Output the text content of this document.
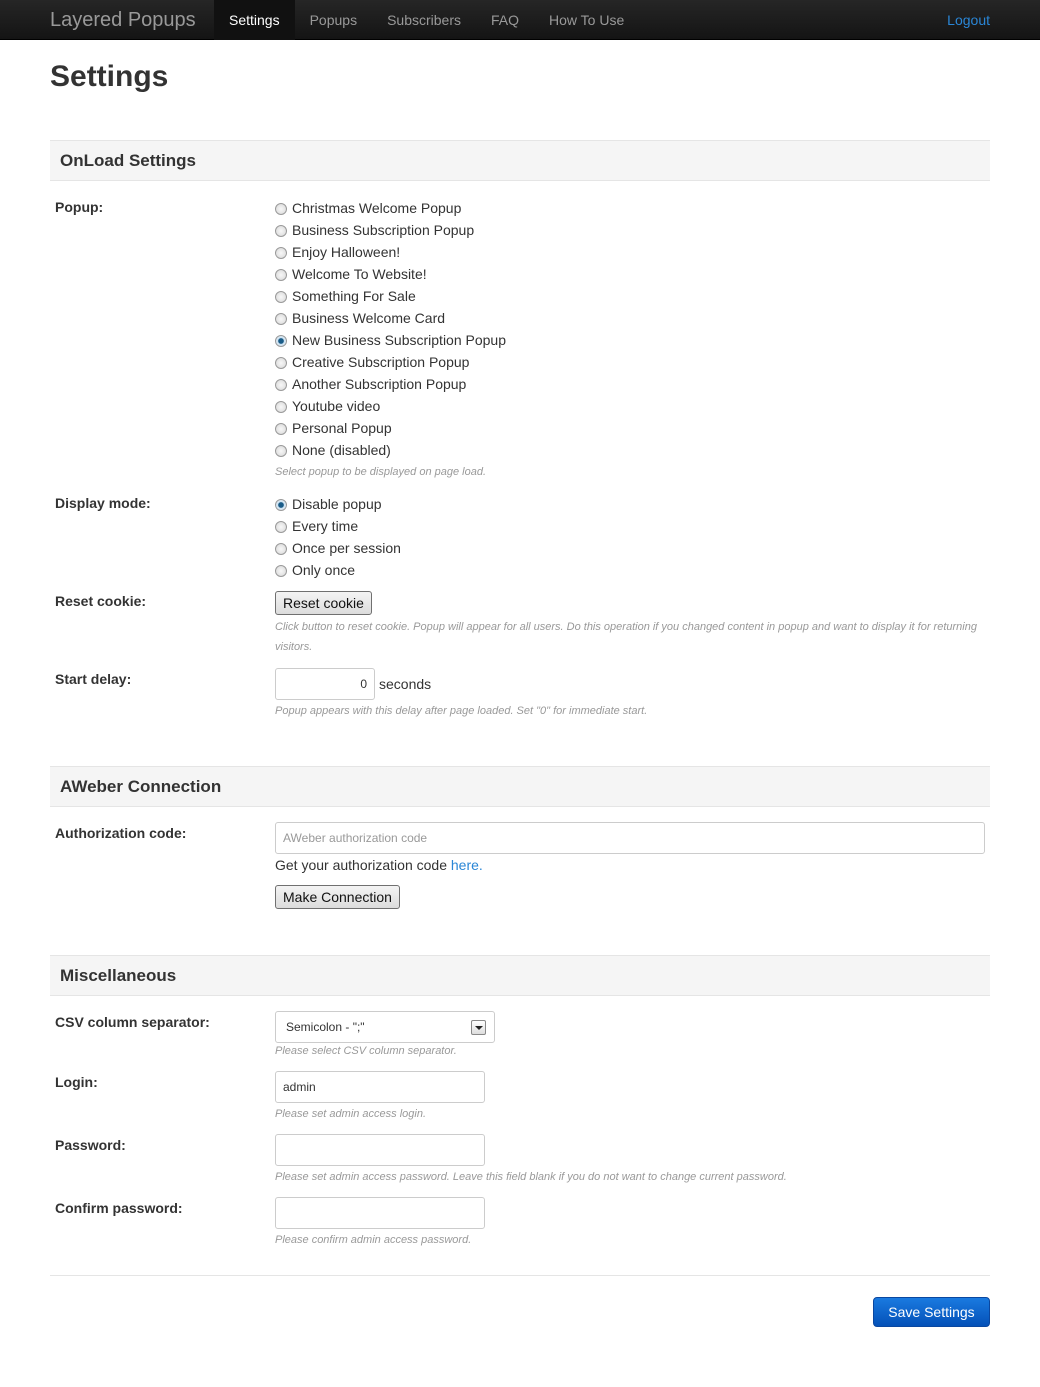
Layered Popups	Settings	Popups	Subscribers	FAQ	How To Use	Logout
Settings
OnLoad Settings
Popup:	Christmas Welcome Popup
Business Subscription Popup
Enjoy Halloween!
Welcome To Website!
Something For Sale
Business Welcome Card
New Business Subscription Popup
Creative Subscription Popup
Another Subscription Popup
Youtube video
Personal Popup
None (disabled)
Select popup to be displayed on page load.
Display mode:	Disable popup
Every time
Once per session
Only once
Reset cookie:	Reset cookie
Click button to reset cookie. Popup will appear for all users. Do this operation if you changed content in popup and want to display it for returning visitors.
Start delay:	0 seconds
Popup appears with this delay after page loaded. Set "0" for immediate start.
AWeber Connection
Authorization code:	AWeber authorization code
Get your authorization code here.
Make Connection
Miscellaneous
CSV column separator:	Semicolon - ";"
Please select CSV column separator.
Login:	admin
Please set admin access login.
Password:
Please set admin access password. Leave this field blank if you do not want to change current password.
Confirm password:
Please confirm admin access password.
Save Settings
